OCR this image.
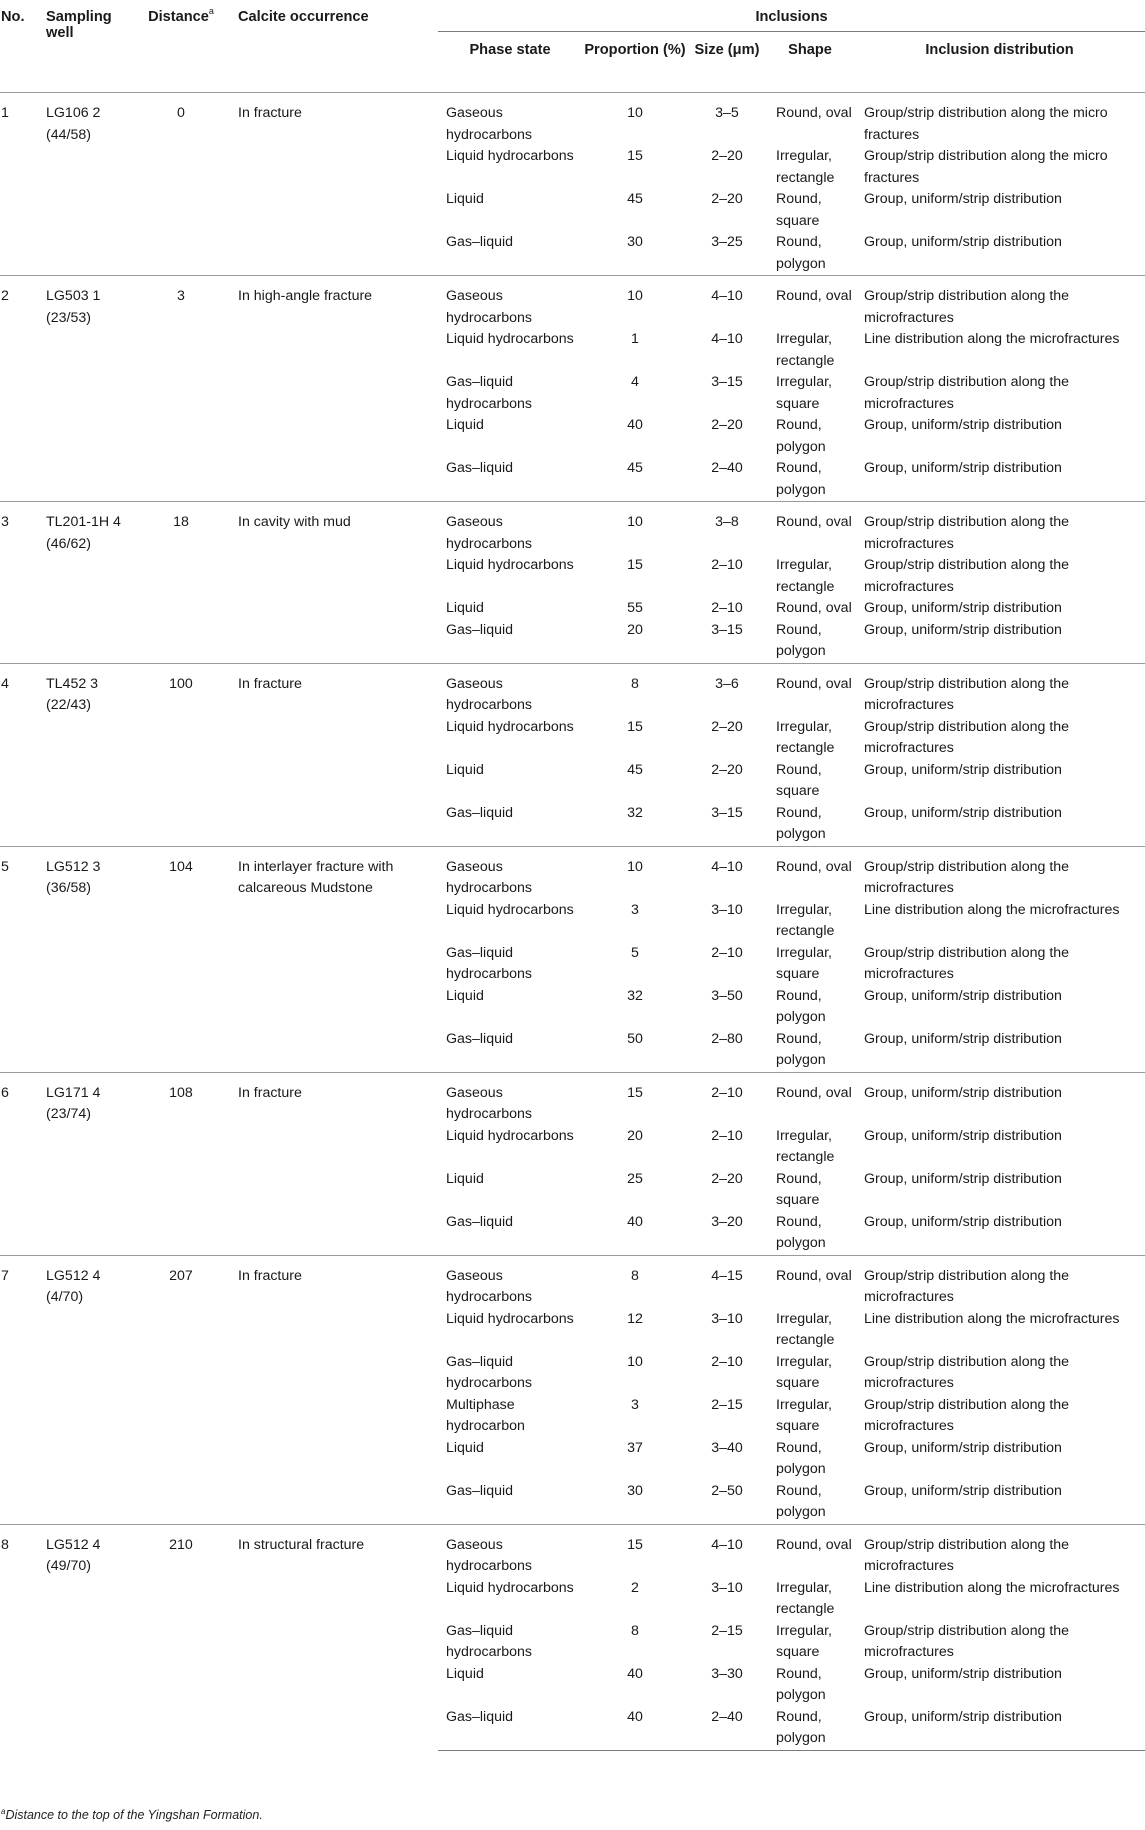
No.	Sampling well	Distance$^a$	Calcite occurrence	Inclusions				
				Phase state	Proportion (%)	Size (μm)	Shape	Inclusion distribution
1	LG106 2 (44/58)	0	In fracture	Gaseous hydrocarbons	10	3–5	Round, oval	Group/strip distribution along the micro fractures
				Liquid hydrocarbons	15	2–20	Irregular, rectangle	Group/strip distribution along the micro fractures
				Liquid	45	2–20	Round, square	Group, uniform/strip distribution
				Gas–liquid	30	3–25	Round, polygon	Group, uniform/strip distribution
2	LG503 1 (23/53)	3	In high-angle fracture	Gaseous hydrocarbons	10	4–10	Round, oval	Group/strip distribution along the microfractures
				Liquid hydrocarbons	1	4–10	Irregular, rectangle	Line distribution along the microfractures
				Gas–liquid hydrocarbons	4	3–15	Irregular, square	Group/strip distribution along the microfractures
				Liquid	40	2–20	Round, polygon	Group, uniform/strip distribution
				Gas–liquid	45	2–40	Round, polygon	Group, uniform/strip distribution
3	TL201-1H 4 (46/62)	18	In cavity with mud	Gaseous hydrocarbons	10	3–8	Round, oval	Group/strip distribution along the microfractures
				Liquid hydrocarbons	15	2–10	Irregular, rectangle	Group/strip distribution along the microfractures
				Liquid	55	2–10	Round, oval	Group, uniform/strip distribution
				Gas–liquid	20	3–15	Round, polygon	Group, uniform/strip distribution
4	TL452 3 (22/43)	100	In fracture	Gaseous hydrocarbons	8	3–6	Round, oval	Group/strip distribution along the microfractures
				Liquid hydrocarbons	15	2–20	Irregular, rectangle	Group/strip distribution along the microfractures
				Liquid	45	2–20	Round, square	Group, uniform/strip distribution
				Gas–liquid	32	3–15	Round, polygon	Group, uniform/strip distribution
5	LG512 3 (36/58)	104	In interlayer fracture with calcareous Mudstone	Gaseous hydrocarbons	10	4–10	Round, oval	Group/strip distribution along the microfractures
				Liquid hydrocarbons	3	3–10	Irregular, rectangle	Line distribution along the microfractures
				Gas–liquid hydrocarbons	5	2–10	Irregular, square	Group/strip distribution along the microfractures
				Liquid	32	3–50	Round, polygon	Group, uniform/strip distribution
				Gas–liquid	50	2–80	Round, polygon	Group, uniform/strip distribution
6	LG171 4 (23/74)	108	In fracture	Gaseous hydrocarbons	15	2–10	Round, oval	Group, uniform/strip distribution
				Liquid hydrocarbons	20	2–10	Irregular, rectangle	Group, uniform/strip distribution
				Liquid	25	2–20	Round, square	Group, uniform/strip distribution
				Gas–liquid	40	3–20	Round, polygon	Group, uniform/strip distribution
7	LG512 4 (4/70)	207	In fracture	Gaseous hydrocarbons	8	4–15	Round, oval	Group/strip distribution along the microfractures
				Liquid hydrocarbons	12	3–10	Irregular, rectangle	Line distribution along the microfractures
				Gas–liquid hydrocarbons	10	2–10	Irregular, square	Group/strip distribution along the microfractures
				Multiphase hydrocarbon	3	2–15	Irregular, square	Group/strip distribution along the microfractures
				Liquid	37	3–40	Round, polygon	Group, uniform/strip distribution
				Gas–liquid	30	2–50	Round, polygon	Group, uniform/strip distribution
8	LG512 4 (49/70)	210	In structural fracture	Gaseous hydrocarbons	15	4–10	Round, oval	Group/strip distribution along the microfractures
				Liquid hydrocarbons	2	3–10	Irregular, rectangle	Line distribution along the microfractures
				Gas–liquid hydrocarbons	8	2–15	Irregular, square	Group/strip distribution along the microfractures
				Liquid	40	3–30	Round, polygon	Group, uniform/strip distribution
				Gas–liquid	40	2–40	Round, polygon	Group, uniform/strip distribution
$^a$Distance to the top of the Yingshan Formation.
